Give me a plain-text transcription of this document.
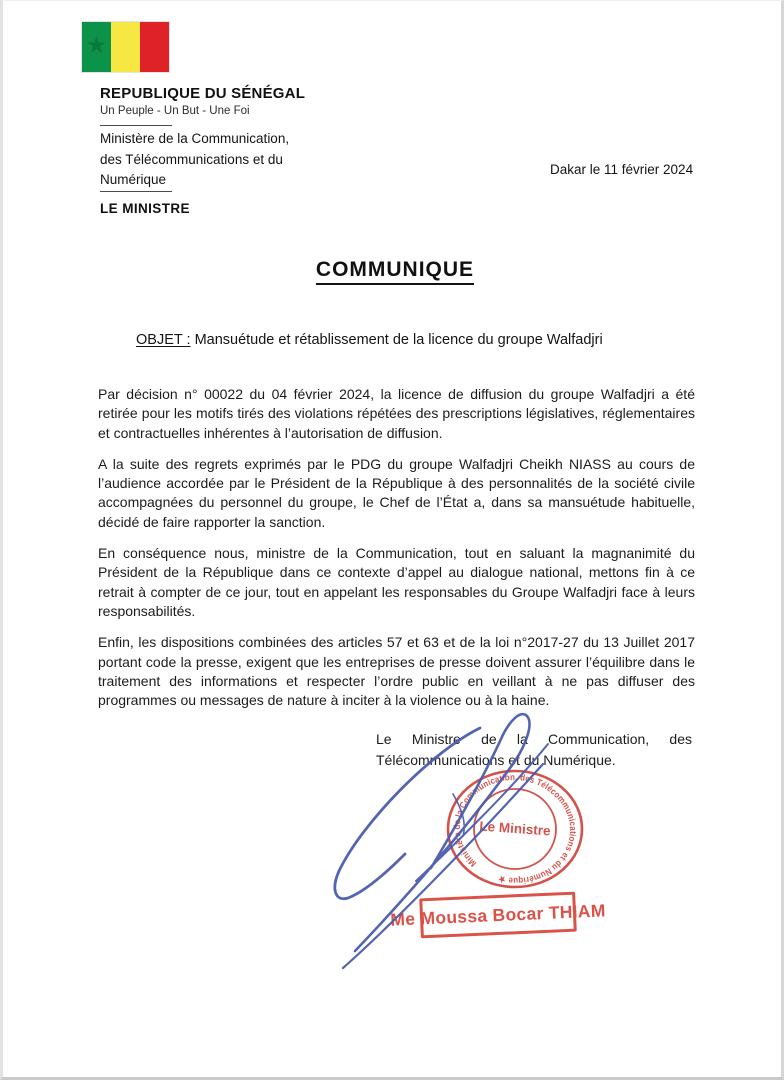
★
REPUBLIQUE DU SÉNÉGAL
Un Peuple - Un But - Une Foi
Ministère de la Communication,
des Télécommunications et du
Numérique
LE MINISTRE
Dakar le 11 février 2024
COMMUNIQUE
OBJET : Mansuétude et rétablissement de la licence du groupe Walfadjri

Par décision n° 00022 du 04 février 2024, la licence de diffusion du groupe Walfadjri a été retirée pour les motifs tirés des violations répétées des prescriptions législatives, réglementaires et contractuelles inhérentes à l’autorisation de diffusion.

A la suite des regrets exprimés par le PDG du groupe Walfadjri Cheikh NIASS au cours de l’audience accordée par le Président de la République à des personnalités de la société civile accompagnées du personnel du groupe, le Chef de l’État a, dans sa mansuétude habituelle, décidé de faire rapporter la sanction.

En conséquence nous, ministre de la Communication, tout en saluant la magnanimité du Président de la République dans ce contexte d’appel au dialogue national, mettons fin à ce retrait à compter de ce jour, tout en appelant les responsables du Groupe Walfadjri face à leurs responsabilités.

Enfin, les dispositions combinées des articles 57 et 63 et de la loi n°2017-27 du 13 Juillet 2017 portant code la presse, exigent que les entreprises de presse doivent assurer l’équilibre dans le traitement des informations et respecter l’ordre public en veillant à ne pas diffuser des programmes ou messages de nature à inciter à la violence ou à la haine.

Le Ministre de la Communication, des
Télécommunications et du Numérique.
Ministère de la Communication, des Télécommunications et du Numérique ★
Le Ministre
Me Moussa Bocar THIAM
